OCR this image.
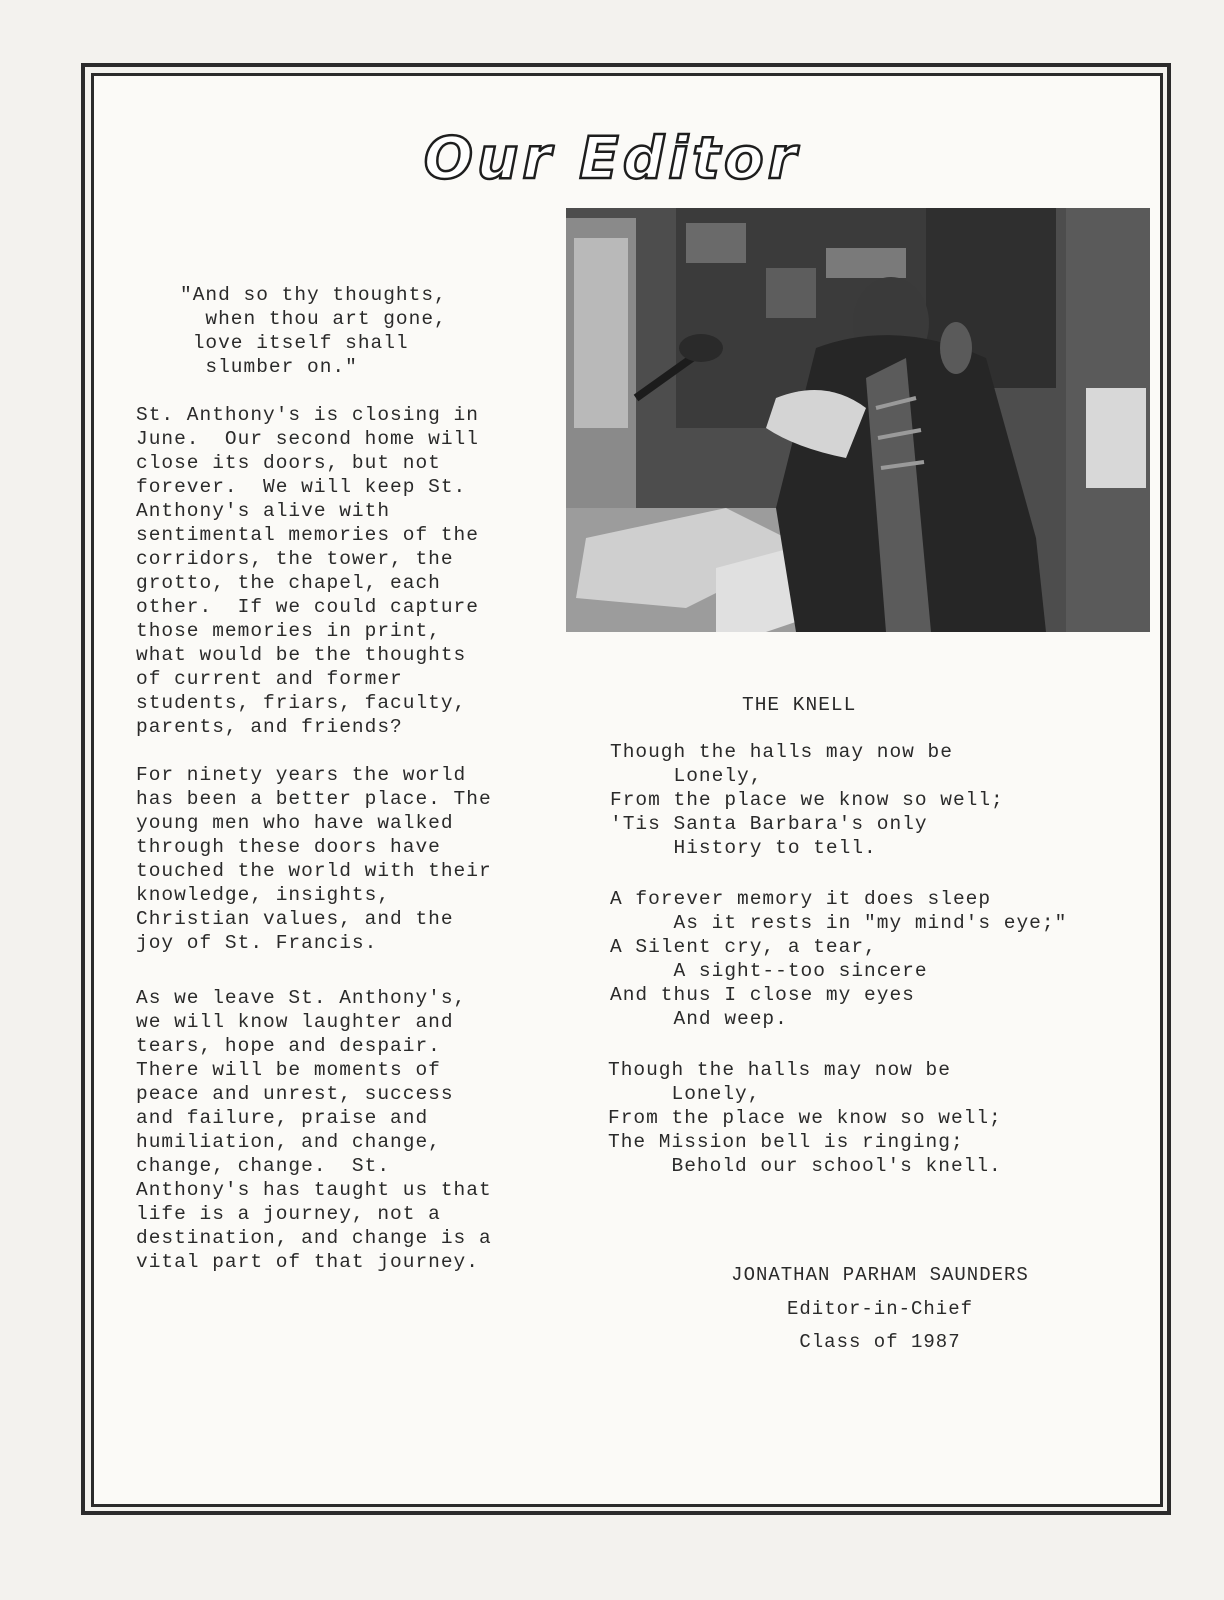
Our Editor
"And so thy thoughts,
when thou art gone,
love itself shall
slumber on."
St. Anthony's is closing in
June.  Our second home will
close its doors, but not
forever.  We will keep St.
Anthony's alive with
sentimental memories of the
corridors, the tower, the
grotto, the chapel, each
other.  If we could capture
those memories in print,
what would be the thoughts
of current and former
students, friars, faculty,
parents, and friends?
For ninety years the world
has been a better place. The
young men who have walked
through these doors have
touched the world with their
knowledge, insights,
Christian values, and the
joy of St. Francis.
As we leave St. Anthony's,
we will know laughter and
tears, hope and despair.
There will be moments of
peace and unrest, success
and failure, praise and
humiliation, and change,
change, change.  St.
Anthony's has taught us that
life is a journey, not a
destination, and change is a
vital part of that journey.
THE KNELL
Though the halls may now be
Lonely,
From the place we know so well;
'Tis Santa Barbara's only
History to tell.
A forever memory it does sleep
As it rests in "my mind's eye;"
A Silent cry, a tear,
A sight--too sincere
And thus I close my eyes
And weep.
Though the halls may now be
Lonely,
From the place we know so well;
The Mission bell is ringing;
Behold our school's knell.
JONATHAN PARHAM SAUNDERS
Editor-in-Chief
Class of 1987
